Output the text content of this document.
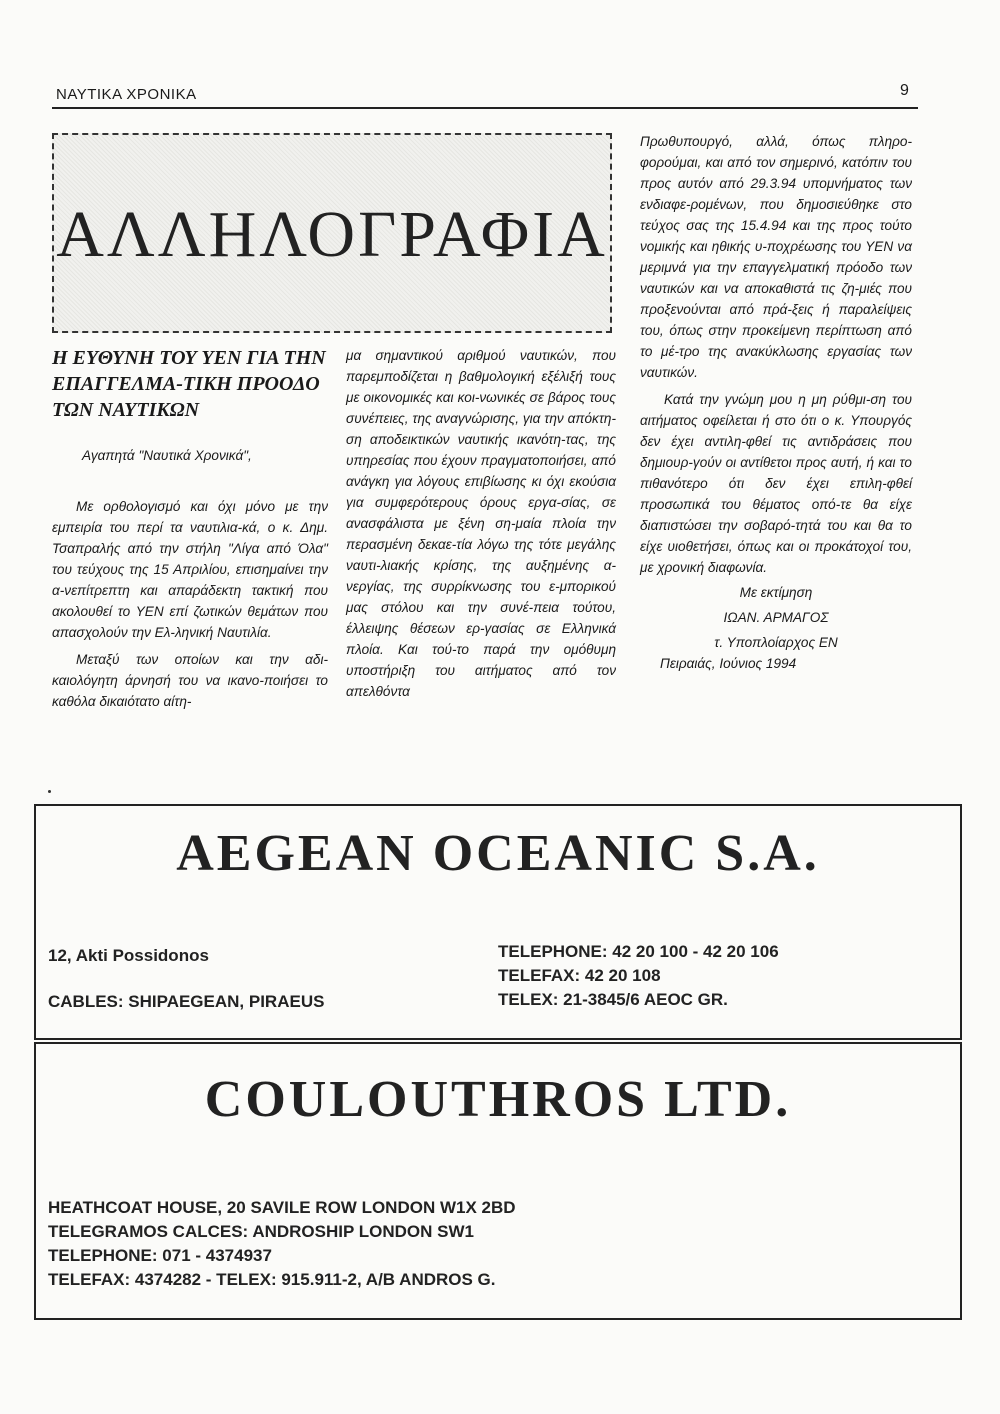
ΝΑΥΤΙΚΑ ΧΡΟΝΙΚΑ	9
ΑΛΛΗΛΟΓΡΑΦΙΑ
Η ΕΥΘΥΝΗ ΤΟΥ ΥΕΝ ΓΙΑ ΤΗΝ ΕΠΑΓΓΕΛΜΑ-ΤΙΚΗ ΠΡΟΟΔΟ ΤΩΝ ΝΑΥΤΙΚΩΝ

Αγαπητά "Ναυτικά Χρονικά",

Με ορθολογισμό και όχι μόνο με την εμπειρία του περί τα ναυτιλια-κά, ο κ. Δημ. Τσαπραλής από την στήλη "Λίγα από Όλα" του τεύχους της 15 Απριλίου, επισημαίνει την α-νεπίτρεπτη και απαράδεκτη τακτική που ακολουθεί το ΥΕΝ επί ζωτικών θεμάτων που απασχολούν την Ελ-ληνική Ναυτιλία.

Μεταξύ των οποίων και την αδι-καιολόγητη άρνησή του να ικανο-ποιήσει το καθόλα δικαιότατο αίτη-

μα σημαντικού αριθμού ναυτικών, που παρεμποδίζεται η βαθμολογική εξέλιξή τους με οικονομικές και κοι-νωνικές σε βάρος τους συνέπειες, της αναγνώρισης, για την απόκτη-ση αποδεικτικών ναυτικής ικανότη-τας, της υπηρεσίας που έχουν πραγματοποιήσει, από ανάγκη για λόγους επιβίωσης κι όχι εκούσια για συμφερότερους όρους εργα-σίας, σε ανασφάλιστα με ξένη ση-μαία πλοία την περασμένη δεκαε-τία λόγω της τότε μεγάλης ναυτι-λιακής κρίσης, της αυξημένης α-νεργίας, της συρρίκνωσης του ε-μπορικού μας στόλου και την συνέ-πεια τούτου, έλλειψης θέσεων ερ-γασίας σε Ελληνικά πλοία. Και τού-το παρά την ομόθυμη υποστήριξη του αιτήματος από τον απελθόντα

Πρωθυπουργό, αλλά, όπως πληρο-φορούμαι, και από τον σημερινό, κατόπιν του προς αυτόν από 29.3.94 υπομνήματος των ενδιαφε-ρομένων, που δημοσιεύθηκε στο τεύχος σας της 15.4.94 και της προς τούτο νομικής και ηθικής υ-ποχρέωσης του ΥΕΝ να μεριμνά για την επαγγελματική πρόοδο των ναυτικών και να αποκαθιστά τις ζη-μιές που προξενούνται από πρά-ξεις ή παραλείψεις του, όπως στην προκείμενη περίπτωση από το μέ-τρο της ανακύκλωσης εργασίας των ναυτικών.

Κατά την γνώμη μου η μη ρύθμι-ση του αιτήματος οφείλεται ή στο ότι ο κ. Υπουργός δεν έχει αντιλη-φθεί τις αντιδράσεις που δημιουρ-γούν οι αντίθετοι προς αυτή, ή και το πιθανότερο ότι δεν έχει επιλη-φθεί προσωπικά του θέματος οπό-τε θα είχε διαπιστώσει την σοβαρό-τητά του και θα το είχε υιοθετήσει, όπως και οι προκάτοχοί του, με χρονική διαφωνία.

Με εκτίμηση

ΙΩΑΝ. ΑΡΜΑΓΟΣ

τ. Υποπλοίαρχος ΕΝ

Πειραιάς, Ιούνιος 1994

AEGEAN OCEANIC S.A.
12, Akti Possidonos
CABLES: SHIPAEGEAN, PIRAEUS
TELEPHONE: 42 20 100 - 42 20 106
TELEFAX: 42 20 108
TELEX: 21-3845/6 AEOC GR.
COULOUTHROS LTD.
HEATHCOAT HOUSE, 20 SAVILE ROW LONDON W1X 2BD
TELEGRAMOS CALCES: ANDROSHIP LONDON SW1
TELEPHONE: 071 - 4374937
TELEFAX: 4374282 - TELEX: 915.911-2, A/B ANDROS G.
